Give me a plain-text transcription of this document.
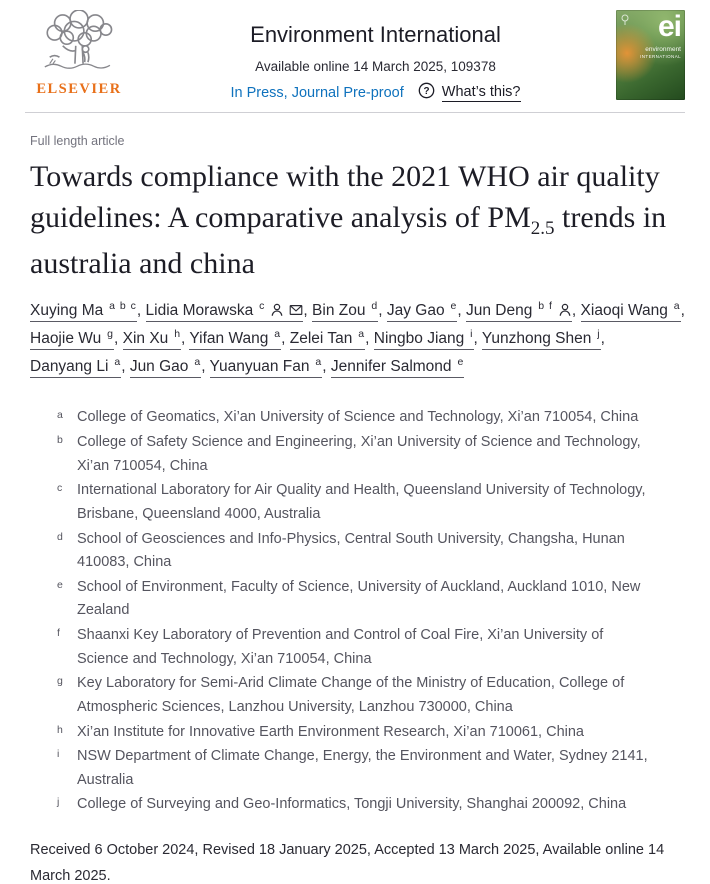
ELSEVIER
Environment International
Available online 14 March 2025, 109378
In Press, Journal Pre-proof ? What’s this?
ei
environment
INTERNATIONAL
Full length article
Towards compliance with the 2021 WHO air quality guidelines: A comparative analysis of $PM_{2.5}$ trends in australia and china
Xuying Ma $^{a b c}$, Lidia Morawska $^c$ , Bin Zou $^d$, Jay Gao $^e$, Jun Deng $^{b f}$ , Xiaoqi Wang $^a$, Haojie Wu $^g$, Xin Xu $^h$, Yifan Wang $^a$, Zelei Tan $^a$, Ningbo Jiang $^i$, Yunzhong Shen $^j$, Danyang Li $^a$, Jun Gao $^a$, Yuanyuan Fan $^a$, Jennifer Salmond $^e$
a College of Geomatics, Xi’an University of Science and Technology, Xi’an 710054, China
b College of Safety Science and Engineering, Xi’an University of Science and Technology, Xi’an 710054, China
c	International Laboratory for Air Quality and Health, Queensland University of Technology, Brisbane, Queensland 4000, Australia
d School of Geosciences and Info-Physics, Central South University, Changsha, Hunan 410083, China
e School of Environment, Faculty of Science, University of Auckland, Auckland 1010, New Zealand
f	Shaanxi Key Laboratory of Prevention and Control of Coal Fire, Xi’an University of Science and Technology, Xi’an 710054, China
g Key Laboratory for Semi-Arid Climate Change of the Ministry of Education, College of Atmospheric Sciences, Lanzhou University, Lanzhou 730000, China
h Xi’an Institute for Innovative Earth Environment Research, Xi’an 710061, China
i	NSW Department of Climate Change, Energy, the Environment and Water, Sydney 2141, Australia
j	College of Surveying and Geo-Informatics, Tongji University, Shanghai 200092, China
Received 6 October 2024, Revised 18 January 2025, Accepted 13 March 2025, Available online 14 March 2025.
